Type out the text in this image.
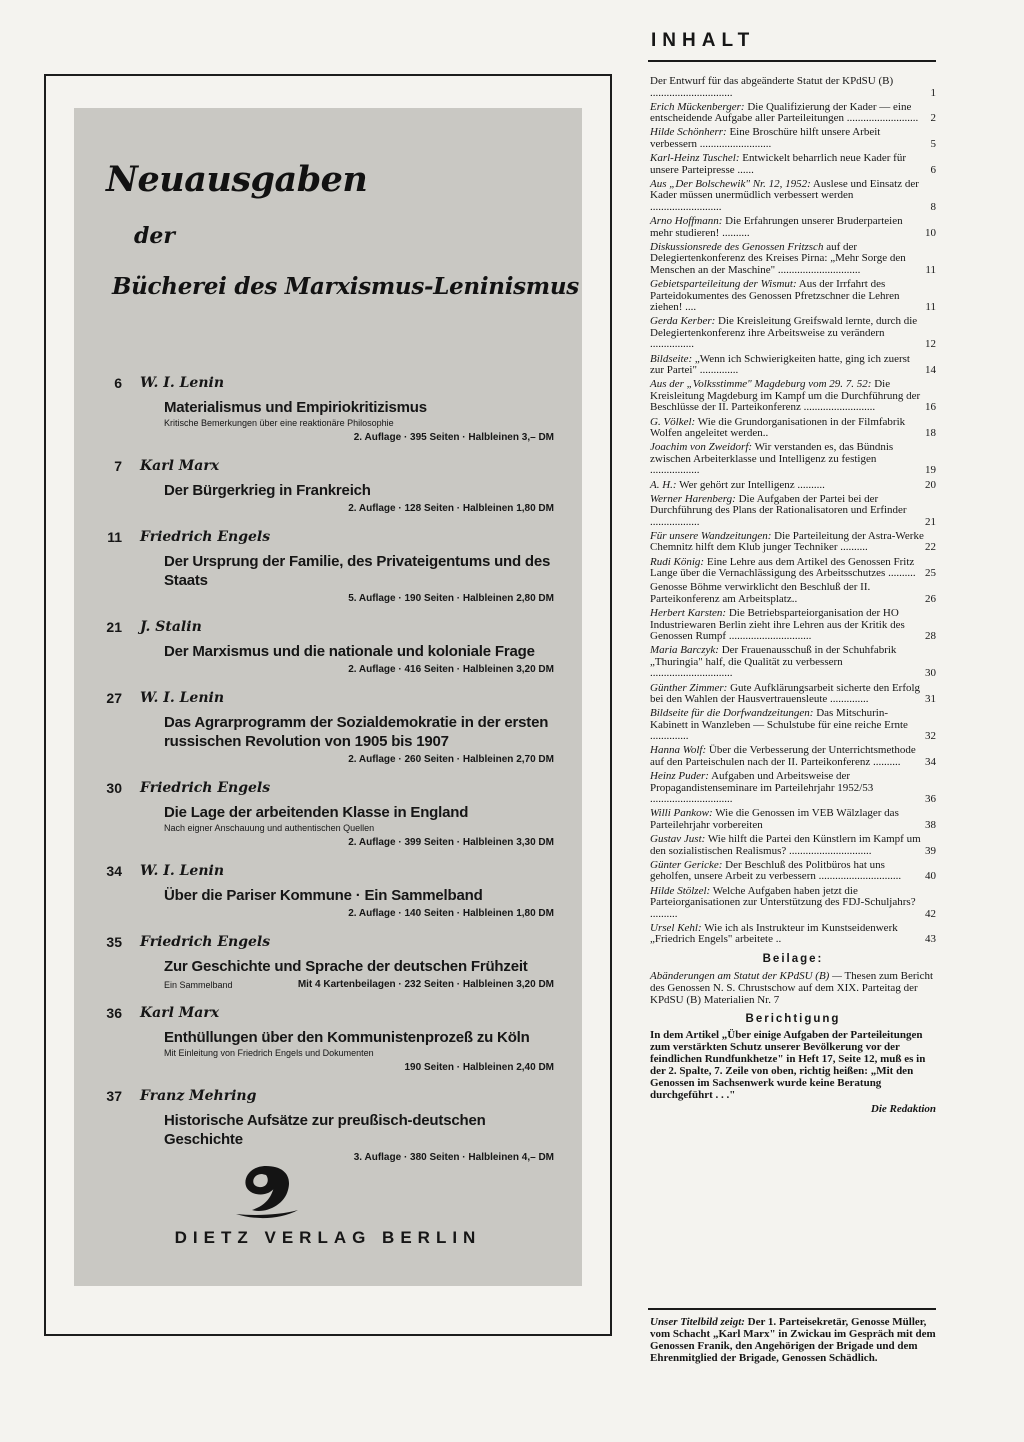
Neuausgaben
der
Bücherei des Marxismus-Leninismus
6 W. I. Lenin
Materialismus und Empiriokritizismus
Kritische Bemerkungen über eine reaktionäre Philosophie
2. Auflage · 395 Seiten · Halbleinen 3,– DM
7 Karl Marx
Der Bürgerkrieg in Frankreich
2. Auflage · 128 Seiten · Halbleinen 1,80 DM
11 Friedrich Engels
Der Ursprung der Familie, des Privateigentums und des Staats
5. Auflage · 190 Seiten · Halbleinen 2,80 DM
21 J. Stalin
Der Marxismus und die nationale und koloniale Frage
2. Auflage · 416 Seiten · Halbleinen 3,20 DM
27 W. I. Lenin
Das Agrarprogramm der Sozialdemokratie in der ersten russischen Revolution von 1905 bis 1907
2. Auflage · 260 Seiten · Halbleinen 2,70 DM
30 Friedrich Engels
Die Lage der arbeitenden Klasse in England
Nach eigner Anschauung und authentischen Quellen
2. Auflage · 399 Seiten · Halbleinen 3,30 DM
34 W. I. Lenin
Über die Pariser Kommune · Ein Sammelband
2. Auflage · 140 Seiten · Halbleinen 1,80 DM
35 Friedrich Engels
Zur Geschichte und Sprache der deutschen Frühzeit
Ein Sammelband	Mit 4 Kartenbeilagen · 232 Seiten · Halbleinen 3,20 DM
36 Karl Marx
Enthüllungen über den Kommunistenprozeß zu Köln
Mit Einleitung von Friedrich Engels und Dokumenten
190 Seiten · Halbleinen 2,40 DM
37 Franz Mehring
Historische Aufsätze zur preußisch-deutschen Geschichte
3. Auflage · 380 Seiten · Halbleinen 4,– DM
DIETZ VERLAG BERLIN
INHALT
Der Entwurf für das abgeänderte Statut der KPdSU (B) ..............................	1
Erich Mückenberger: Die Qualifizierung der Kader — eine entscheidende Aufgabe aller Parteileitungen ..........................	2
Hilde Schönherr: Eine Broschüre hilft unsere Arbeit verbessern ..........................	5
Karl-Heinz Tuschel: Entwickelt beharrlich neue Kader für unsere Parteipresse ......	6
Aus „Der Bolschewik" Nr. 12, 1952: Auslese und Einsatz der Kader müssen unermüdlich verbessert werden ..........................	8
Arno Hoffmann: Die Erfahrungen unserer Bruderparteien mehr studieren! ..........	10
Diskussionsrede des Genossen Fritzsch auf der Delegiertenkonferenz des Kreises Pirna: „Mehr Sorge den Menschen an der Maschine" ..............................	11
Gebietsparteileitung der Wismut: Aus der Irrfahrt des Parteidokumentes des Genossen Pfretzschner die Lehren ziehen! ....	11
Gerda Kerber: Die Kreisleitung Greifswald lernte, durch die Delegiertenkonferenz ihre Arbeitsweise zu verändern ................	12
Bildseite: „Wenn ich Schwierigkeiten hatte, ging ich zuerst zur Partei" ..............	14
Aus der „Volksstimme" Magdeburg vom 29. 7. 52: Die Kreisleitung Magdeburg im Kampf um die Durchführung der Beschlüsse der II. Parteikonferenz ..........................	16
G. Völkel: Wie die Grundorganisationen in der Filmfabrik Wolfen angeleitet werden..	18
Joachim von Zweidorf: Wir verstanden es, das Bündnis zwischen Arbeiterklasse und Intelligenz zu festigen ..................	19
A. H.: Wer gehört zur Intelligenz ..........	20
Werner Harenberg: Die Aufgaben der Partei bei der Durchführung des Plans der Rationalisatoren und Erfinder ..................	21
Für unsere Wandzeitungen: Die Parteileitung der Astra-Werke Chemnitz hilft dem Klub junger Techniker ..........	22
Rudi König: Eine Lehre aus dem Artikel des Genossen Fritz Lange über die Vernachlässigung des Arbeitsschutzes .......... 25
Genosse Böhme verwirklicht den Beschluß der II. Parteikonferenz am Arbeitsplatz..	26
Herbert Karsten: Die Betriebsparteiorganisation der HO Industriewaren Berlin zieht ihre Lehren aus der Kritik des Genossen Rumpf ..............................	28
Maria Barczyk: Der Frauenausschuß in der Schuhfabrik „Thuringia" half, die Qualität zu verbessern ..............................	30
Günther Zimmer: Gute Aufklärungsarbeit sicherte den Erfolg bei den Wahlen der Hausvertrauensleute ..............	31
Bildseite für die Dorfwandzeitungen: Das Mitschurin-Kabinett in Wanzleben — Schulstube für eine reiche Ernte ..............	32
Hanna Wolf: Über die Verbesserung der Unterrichtsmethode auf den Parteischulen nach der II. Parteikonferenz ..........	34
Heinz Puder: Aufgaben und Arbeitsweise der Propagandistenseminare im Parteilehrjahr 1952/53 ..............................	36
Willi Pankow: Wie die Genossen im VEB Wälzlager das Parteilehrjahr vorbereiten	38
Gustav Just: Wie hilft die Partei den Künstlern im Kampf um den sozialistischen Realismus? ..............................	39
Günter Gericke: Der Beschluß des Politbüros hat uns geholfen, unsere Arbeit zu verbessern ..............................	40
Hilde Stölzel: Welche Aufgaben haben jetzt die Parteiorganisationen zur Unterstützung des FDJ-Schuljahrs? ..........	42
Ursel Kehl: Wie ich als Instrukteur im Kunstseidenwerk „Friedrich Engels" arbeitete ..	43
Beilage:
Abänderungen am Statut der KPdSU (B) — Thesen zum Bericht des Genossen N. S. Chrustschow auf dem XIX. Parteitag der KPdSU (B) Materialien Nr. 7
Berichtigung
In dem Artikel „Über einige Aufgaben der Parteileitungen zum verstärkten Schutz unserer Bevölkerung vor der feindlichen Rundfunkhetze" in Heft 17, Seite 12, muß es in der 2. Spalte, 7. Zeile von oben, richtig heißen: „Mit den Genossen im Sachsenwerk wurde keine Beratung durchgeführt . . ."
Die Redaktion
Unser Titelbild zeigt: Der 1. Parteisekretär, Genosse Müller, vom Schacht „Karl Marx" in Zwickau im Gespräch mit dem Genossen Franik, den Angehörigen der Brigade und dem Ehrenmitglied der Brigade, Genossen Schädlich.
